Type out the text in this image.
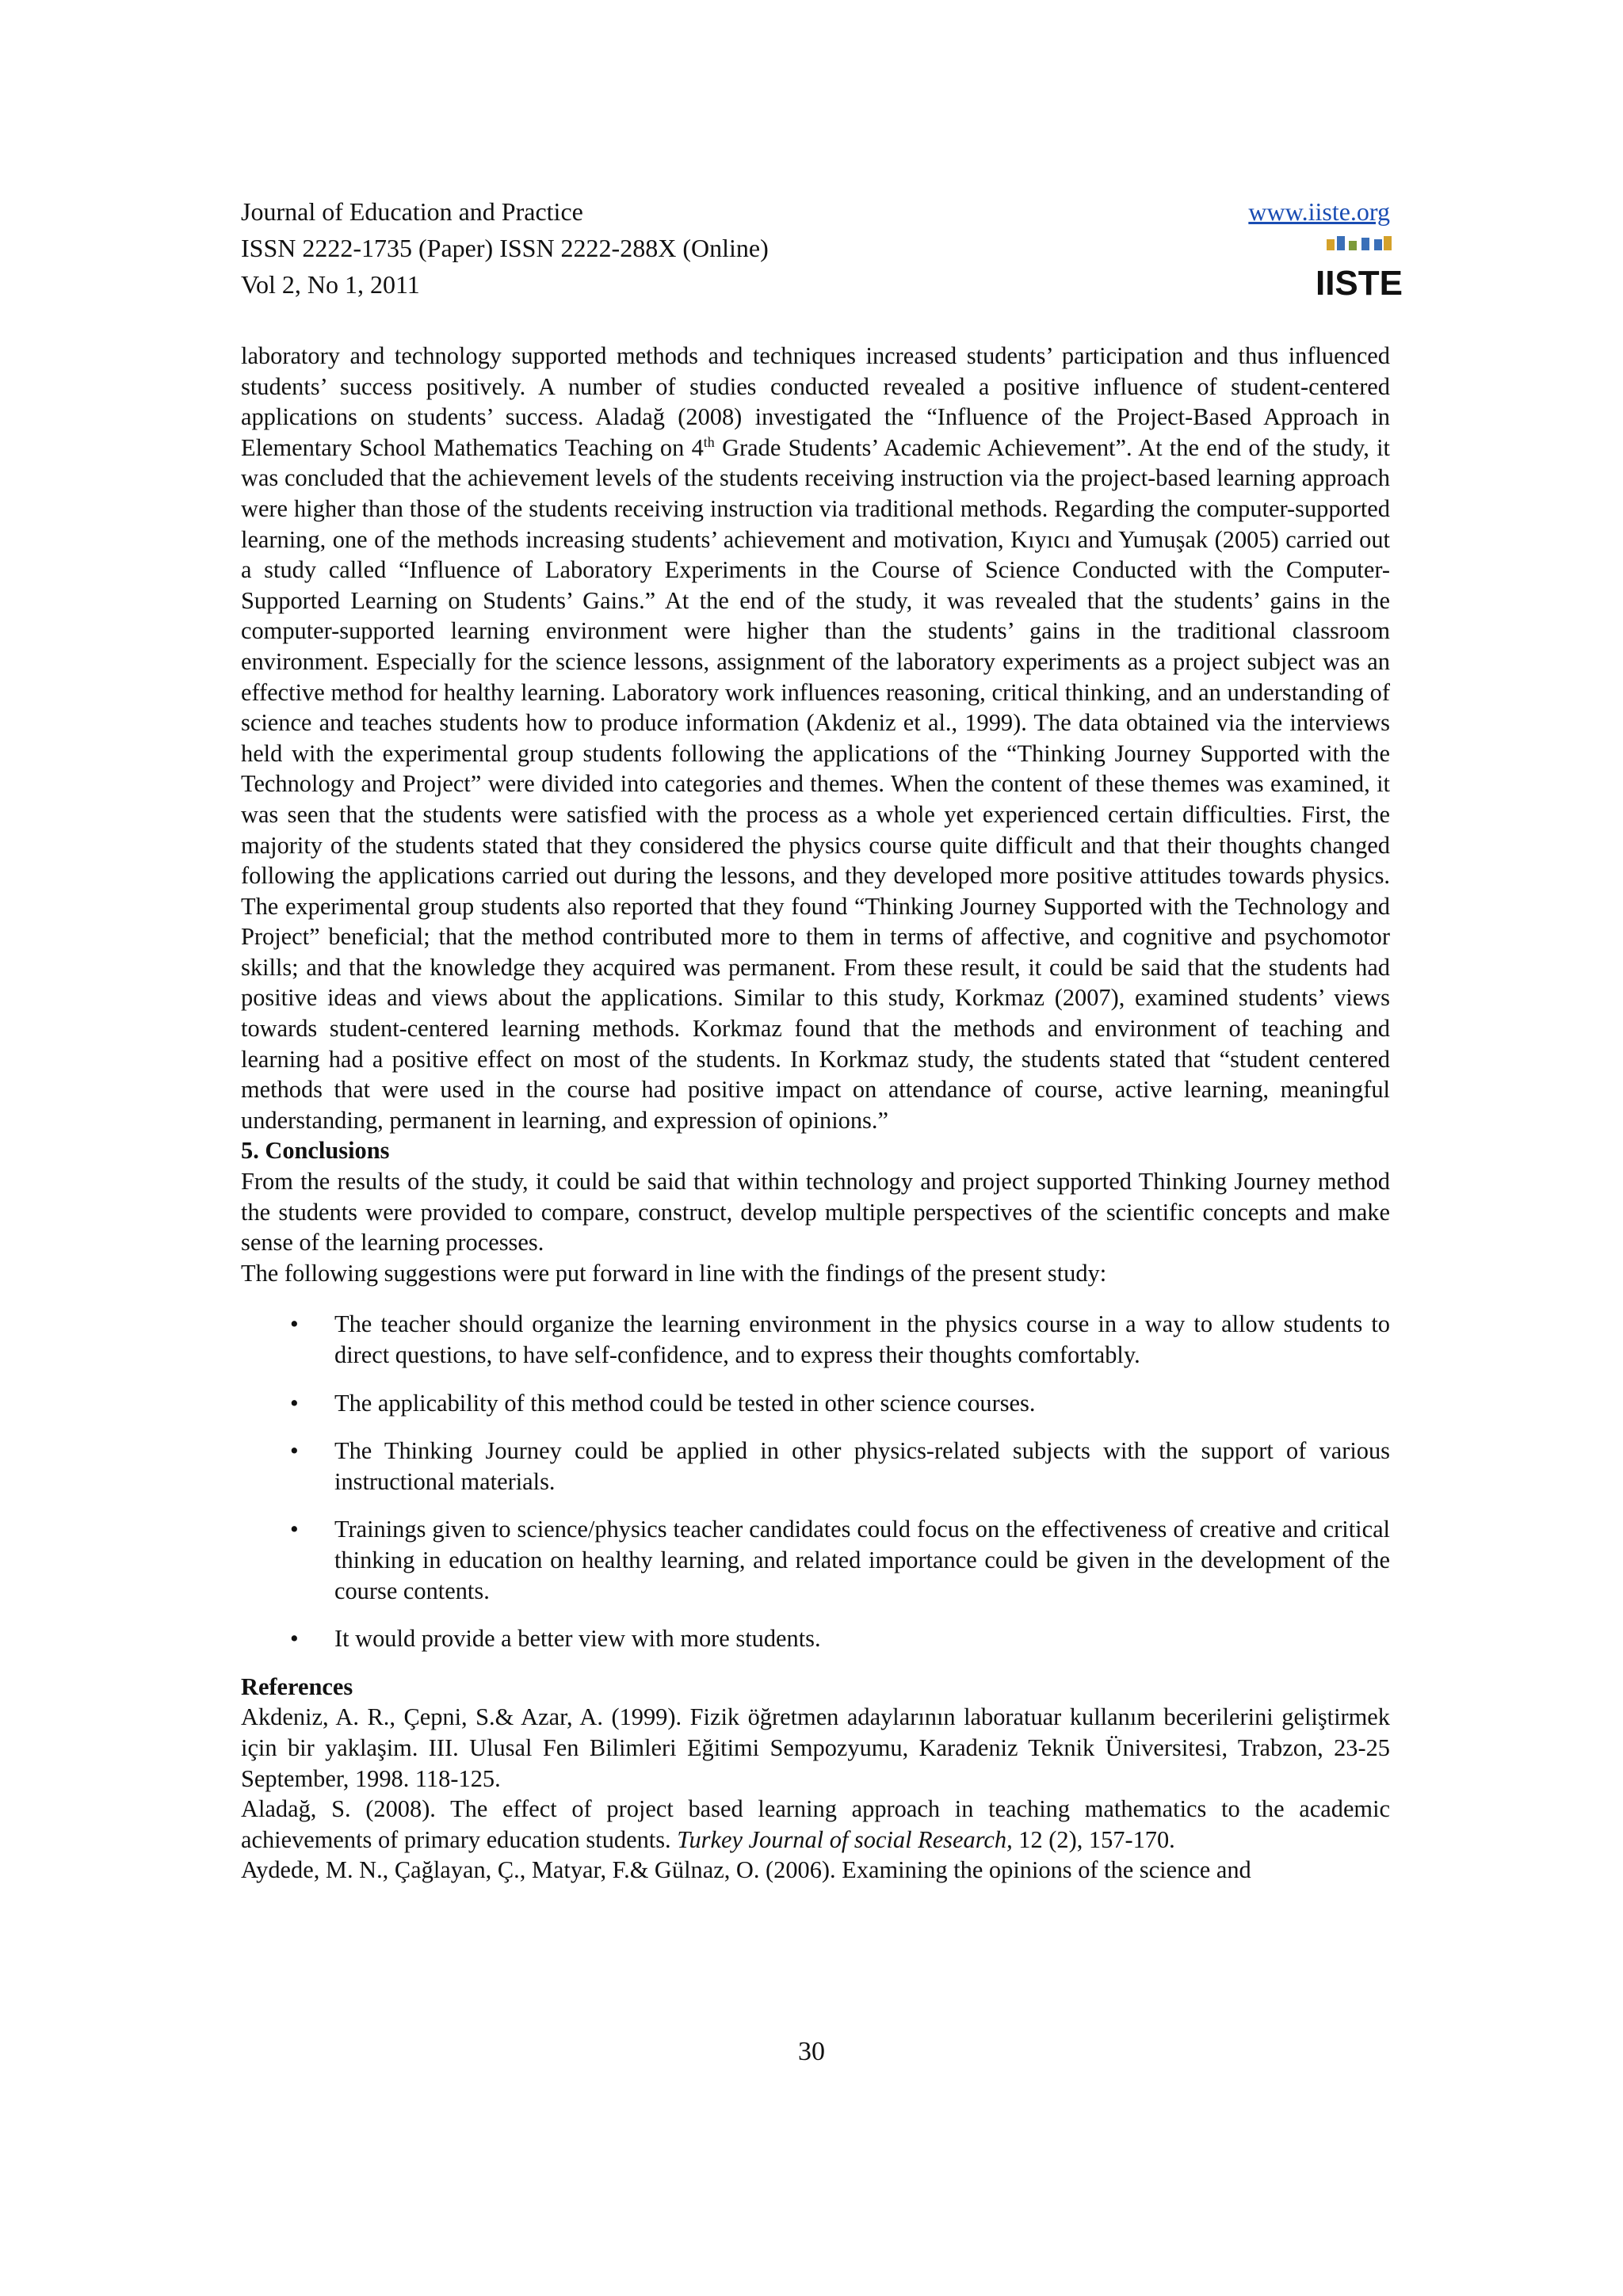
Journal of Education and Practice
ISSN 2222-1735 (Paper) ISSN 2222-288X (Online)
Vol 2, No 1, 2011
www.iiste.org
IISTE

laboratory and technology supported methods and techniques increased students’ participation and thus influenced students’ success positively. A number of studies conducted revealed a positive influence of student-centered applications on students’ success. Aladağ (2008) investigated the “Influence of the Project-Based Approach in Elementary School Mathematics Teaching on 4th Grade Students’ Academic Achievement”. At the end of the study, it was concluded that the achievement levels of the students receiving instruction via the project-based learning approach were higher than those of the students receiving instruction via traditional methods. Regarding the computer-supported learning, one of the methods increasing students’ achievement and motivation, Kıyıcı and Yumuşak (2005) carried out a study called “Influence of Laboratory Experiments in the Course of Science Conducted with the Computer-Supported Learning on Students’ Gains.” At the end of the study, it was revealed that the students’ gains in the computer-supported learning environment were higher than the students’ gains in the traditional classroom environment. Especially for the science lessons, assignment of the laboratory experiments as a project subject was an effective method for healthy learning. Laboratory work influences reasoning, critical thinking, and an understanding of science and teaches students how to produce information (Akdeniz et al., 1999). The data obtained via the interviews held with the experimental group students following the applications of the “Thinking Journey Supported with the Technology and Project” were divided into categories and themes. When the content of these themes was examined, it was seen that the students were satisfied with the process as a whole yet experienced certain difficulties. First, the majority of the students stated that they considered the physics course quite difficult and that their thoughts changed following the applications carried out during the lessons, and they developed more positive attitudes towards physics. The experimental group students also reported that they found “Thinking Journey Supported with the Technology and Project” beneficial; that the method contributed more to them in terms of affective, and cognitive and psychomotor skills; and that the knowledge they acquired was permanent. From these result, it could be said that the students had positive ideas and views about the applications. Similar to this study, Korkmaz (2007), examined students’ views towards student-centered learning methods. Korkmaz found that the methods and environment of teaching and learning had a positive effect on most of the students. In Korkmaz study, the students stated that “student centered methods that were used in the course had positive impact on attendance of course, active learning, meaningful understanding, permanent in learning, and expression of opinions.”

5. Conclusions

From the results of the study, it could be said that within technology and project supported Thinking Journey method the students were provided to compare, construct, develop multiple perspectives of the scientific concepts and make sense of the learning processes.

The following suggestions were put forward in line with the findings of the present study:

• The teacher should organize the learning environment in the physics course in a way to allow students to direct questions, to have self-confidence, and to express their thoughts comfortably.
• The applicability of this method could be tested in other science courses.
• The Thinking Journey could be applied in other physics-related subjects with the support of various instructional materials.
• Trainings given to science/physics teacher candidates could focus on the effectiveness of creative and critical thinking in education on healthy learning, and related importance could be given in the development of the course contents.
• It would provide a better view with more students.

References

Akdeniz, A. R., Çepni, S.& Azar, A. (1999). Fizik öğretmen adaylarının laboratuar kullanım becerilerini geliştirmek için bir yaklaşim. III. Ulusal Fen Bilimleri Eğitimi Sempozyumu, Karadeniz Teknik Üniversitesi, Trabzon, 23-25 September, 1998. 118-125.

Aladağ, S. (2008). The effect of project based learning approach in teaching mathematics to the academic achievements of primary education students. Turkey Journal of social Research, 12 (2), 157-170.

Aydede, M. N., Çağlayan, Ç., Matyar, F.& Gülnaz, O. (2006). Examining the opinions of the science and

30
